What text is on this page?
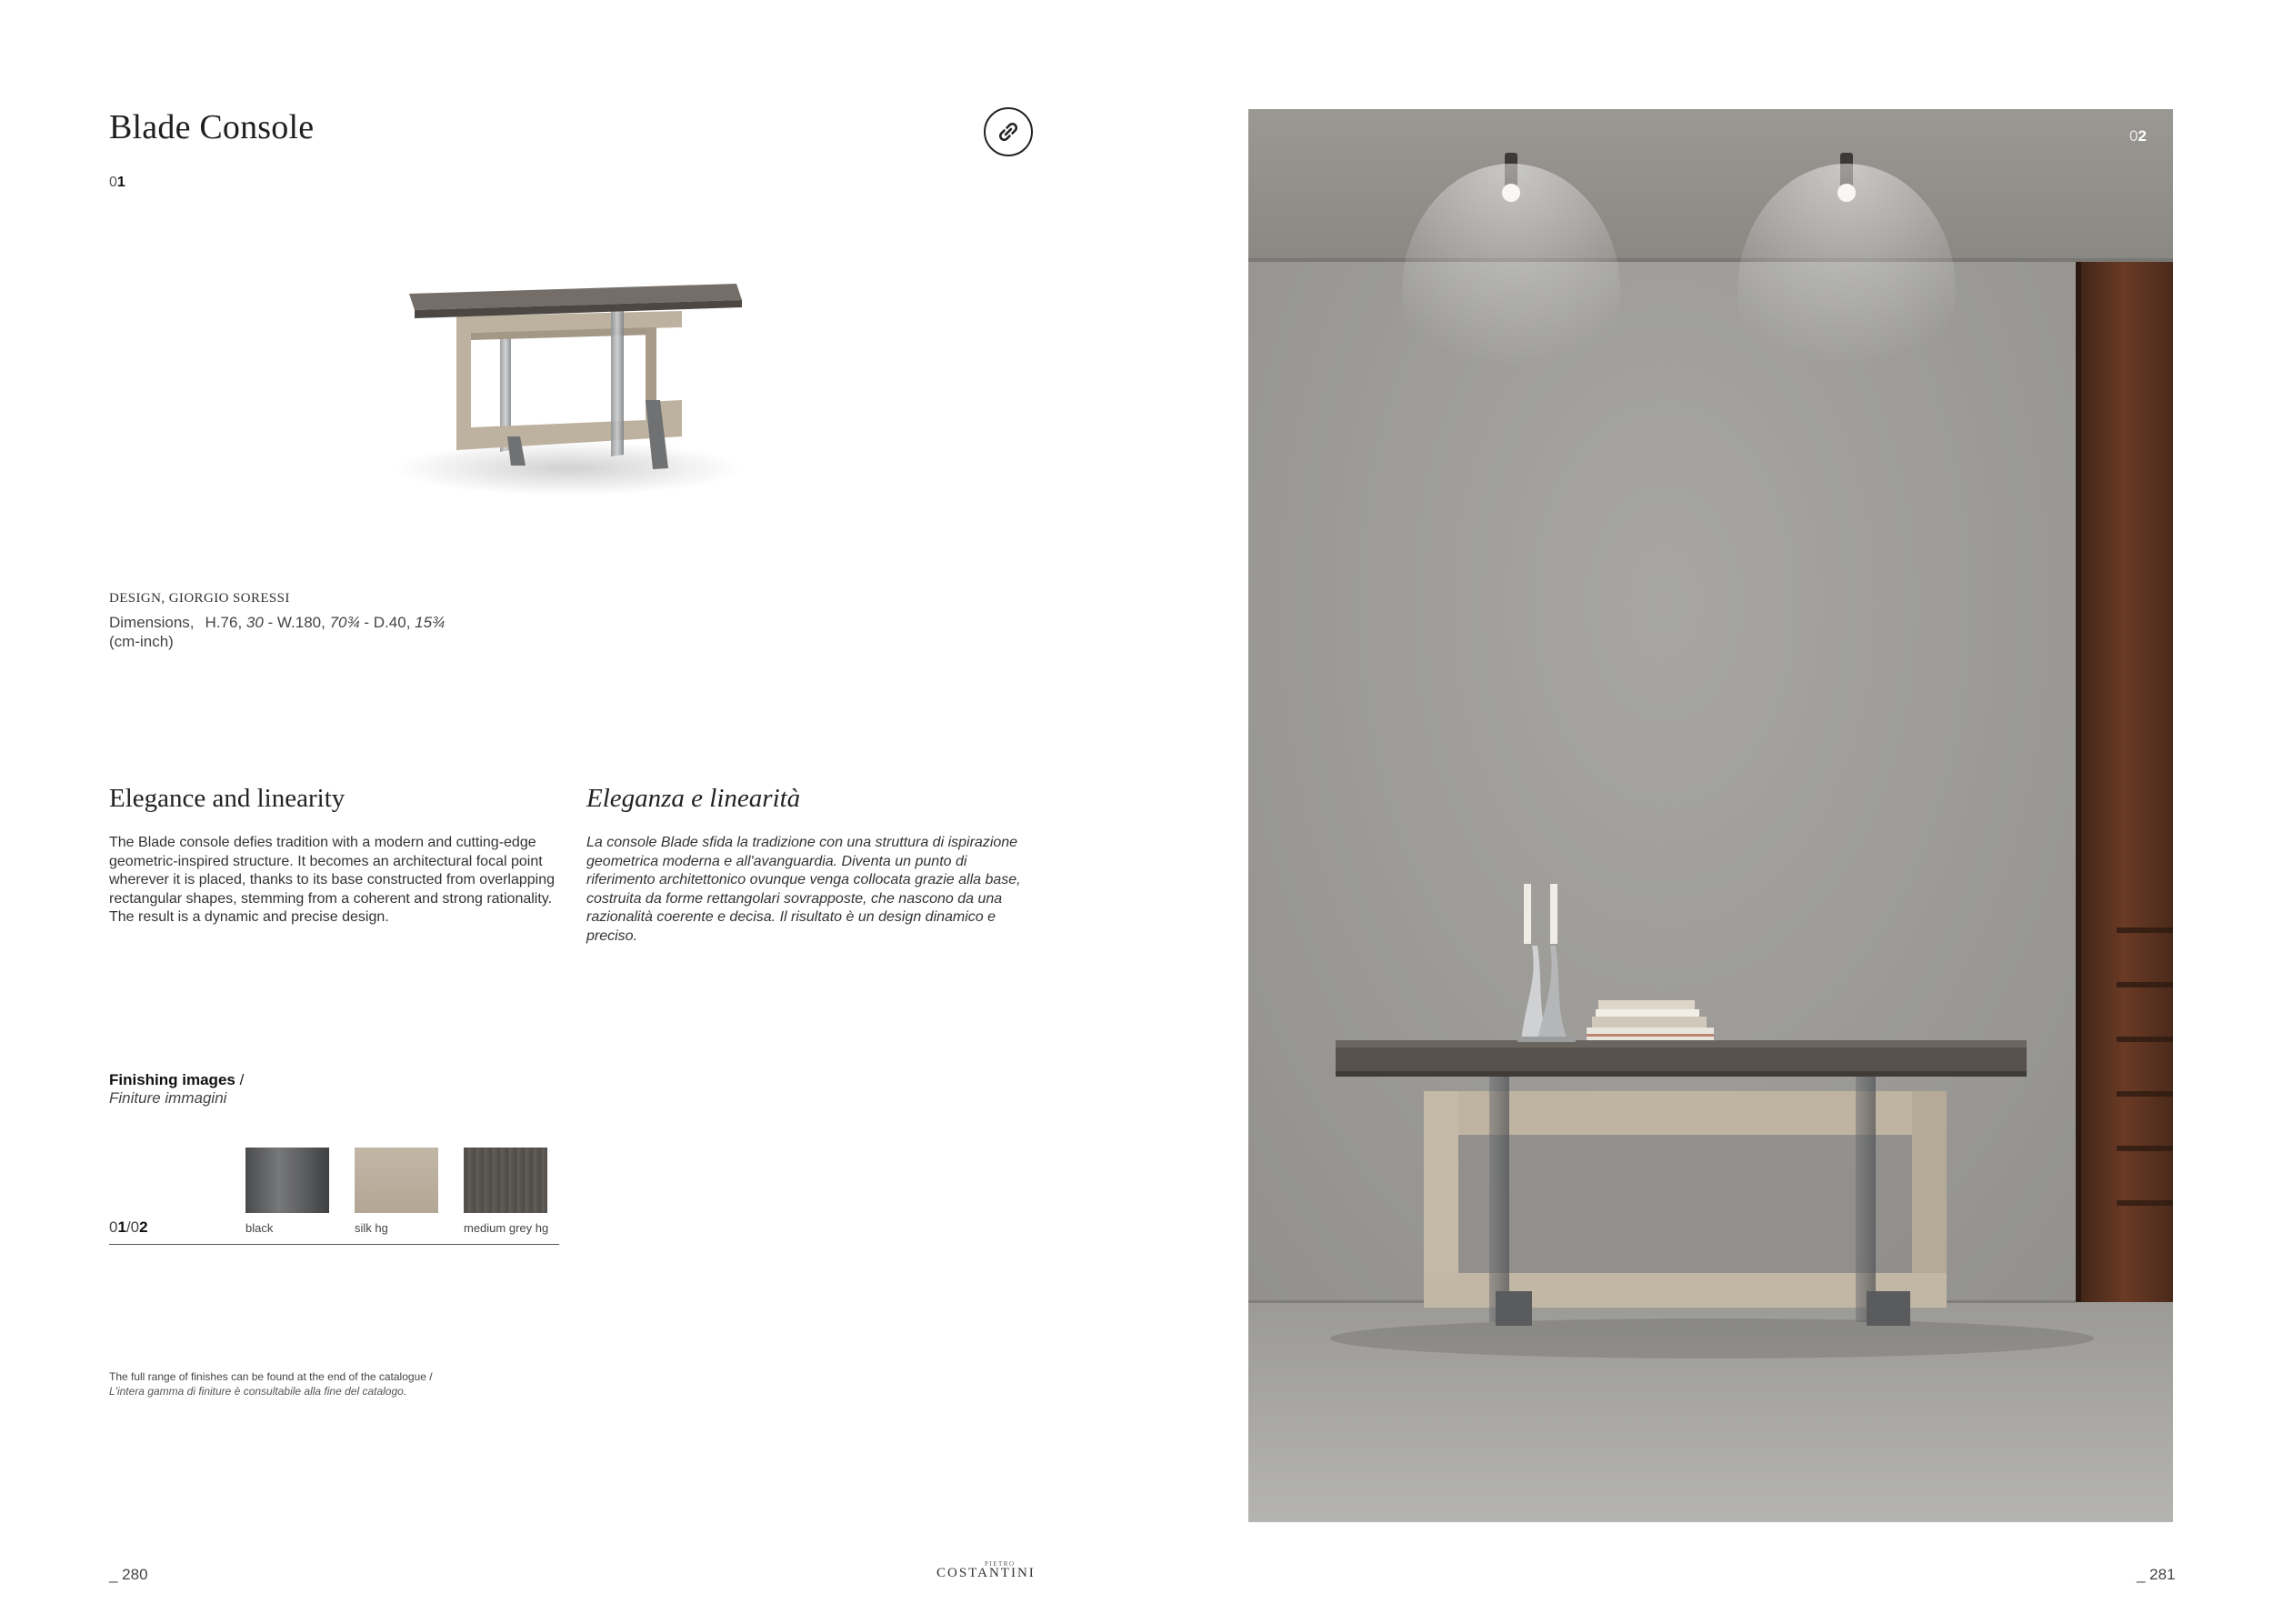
Blade Console
01
DESIGN, GIORGIO SORESSI
Dimensions, H.76, 30 - W.180, 70¾ - D.40, 15¾
(cm-inch)
Elegance and linearity	Eleganza e linearità
The Blade console defies tradition with a modern and cutting-edge geometric-inspired structure. It becomes an architectural focal point wherever it is placed, thanks to its base constructed from overlapping rectangular shapes, stemming from a coherent and strong rationality. The result is a dynamic and precise design.
La console Blade sfida la tradizione con una struttura di ispirazione geometrica moderna e all'avanguardia. Diventa un punto di riferimento architettonico ovunque venga collocata grazie alla base, costruita da forme rettangolari sovrapposte, che nascono da una razionalità coerente e decisa. Il risultato è un design dinamico e preciso.
Finishing images /
Finiture immagini
01/02	black	silk hg	medium grey hg
The full range of finishes can be found at the end of the catalogue /
L'intera gamma di finiture è consultabile alla fine del catalogo.
_ 280
PIETRO
COSTANTINI	_ 281
02
